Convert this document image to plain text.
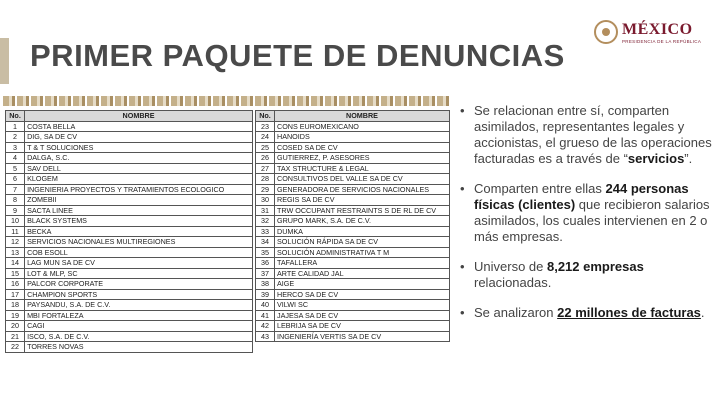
MÉXICO
PRESIDENCIA DE LA REPÚBLICA
PRIMER PAQUETE DE DENUNCIAS
No.	NOMBRE
1	COSTA BELLA
2	DIG, SA DE CV
3	T & T SOLUCIONES
4	DALGA, S.C.
5	SAV DELL
6	KLOGEM
7	INGENIERIA PROYECTOS Y TRATAMIENTOS ECOLOGICO
8	ZOMEBII
9	SACTA LINEE
10	BLACK SYSTEMS
11	BECKA
12	SERVICIOS NACIONALES MULTIREGIONES
13	COB ESOLL
14	LAG MUN SA DE CV
15	LOT & MLP, SC
16	PALCOR CORPORATE
17	CHAMPION SPORTS
18	PAYSANDU, S.A. DE C.V.
19	MBI FORTALEZA
20	CAGI
21	ISCO, S.A. DE C.V.
22	TORRES NOVAS
No.	NOMBRE
23	CONS EUROMEXICANO
24	HANOIDS
25	COSED SA DE CV
26	GUTIERREZ, P. ASESORES
27	TAX STRUCTURE & LEGAL
28	CONSULTIVOS DEL VALLE SA DE CV
29	GENERADORA DE SERVICIOS NACIONALES
30	REGIS SA DE CV
31	TRW OCCUPANT RESTRAINTS S DE RL DE CV
32	GRUPO MARK, S.A. DE C.V.
33	DUMKA
34	SOLUCIÓN RÁPIDA SA DE CV
35	SOLUCIÓN ADMINISTRATIVA T M
36	TAFALLERA
37	ARTE CALIDAD JAL
38	AIGE
39	HERCO SA DE CV
40	VILWI SC
41	JAJESA SA DE CV
42	LEBRIJA SA DE CV
43	INGENIERÍA VERTIS SA DE CV
• Se relacionan entre sí, comparten asimilados, representantes legales y accionistas, el grueso de las operaciones facturadas es a través de “servicios”.
• Comparten entre ellas 244 personas físicas (clientes) que recibieron salarios asimilados, los cuales intervienen en 2 o más empresas.
• Universo de 8,212 empresas relacionadas.
• Se analizaron 22 millones de facturas.
